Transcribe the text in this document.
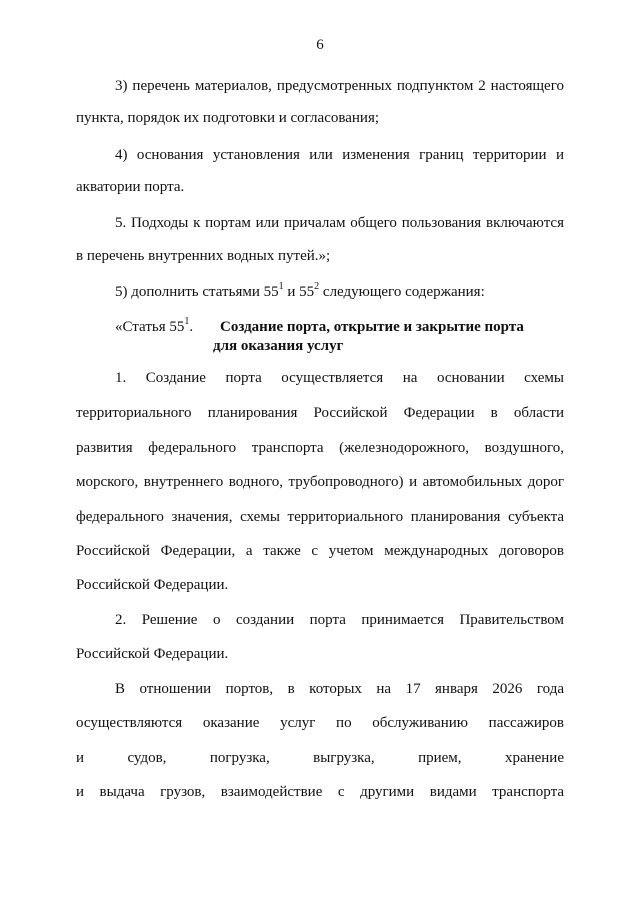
6
3) перечень материалов, предусмотренных подпунктом 2 настоящего
пункта, порядок их подготовки и согласования;
4) основания установления или изменения границ территории и
акватории порта.
5. Подходы к портам или причалам общего пользования включаются
в перечень внутренних водных путей.»;
5) дополнить статьями $55^1$ и $55^2$ следующего содержания:
«Статья $55^1$. Создание порта, открытие и закрытие порта
для оказания услуг
1. Создание порта осуществляется на основании схемы
территориального планирования Российской Федерации в области
развития федерального транспорта (железнодорожного, воздушного,
морского, внутреннего водного, трубопроводного) и автомобильных дорог
федерального значения, схемы территориального планирования субъекта
Российской Федерации, а также с учетом международных договоров
Российской Федерации.
2. Решение о создании порта принимается Правительством
Российской Федерации.
В отношении портов, в которых на 17 января 2026 года
осуществляются оказание услуг по обслуживанию пассажиров
и судов, погрузка, выгрузка, прием, хранение
и выдача грузов, взаимодействие с другими видами транспорта
